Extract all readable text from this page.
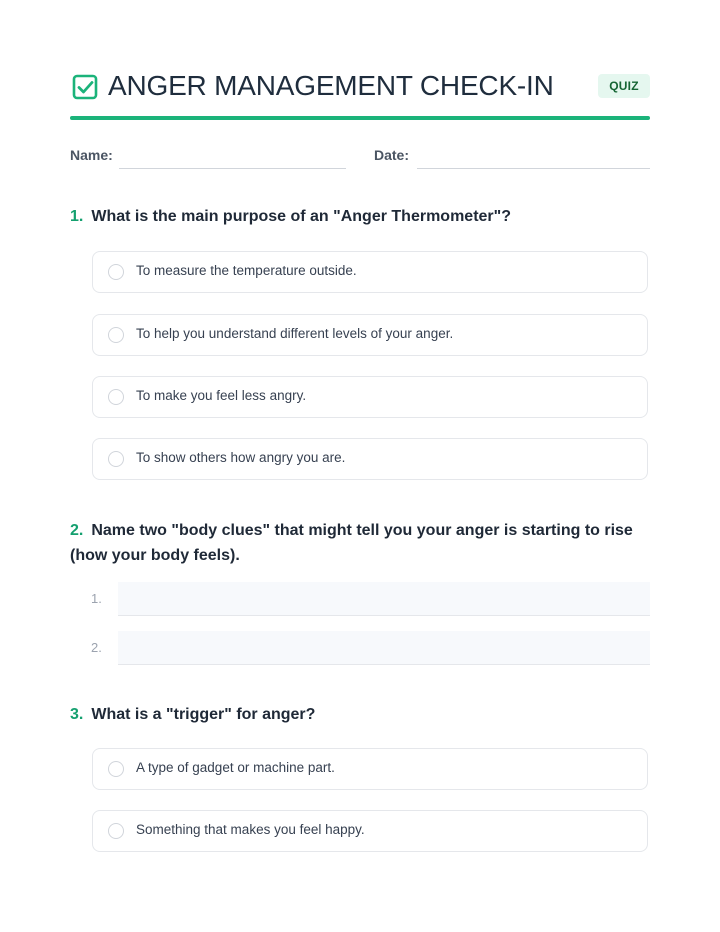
ANGER MANAGEMENT CHECK-IN	QUIZ
Name:	Date:
1. What is the main purpose of an "Anger Thermometer"?
To measure the temperature outside.
To help you understand different levels of your anger.
To make you feel less angry.
To show others how angry you are.
2. Name two "body clues" that might tell you your anger is starting to rise (how your body feels).
1.
2.
3. What is a "trigger" for anger?
A type of gadget or machine part.
Something that makes you feel happy.
